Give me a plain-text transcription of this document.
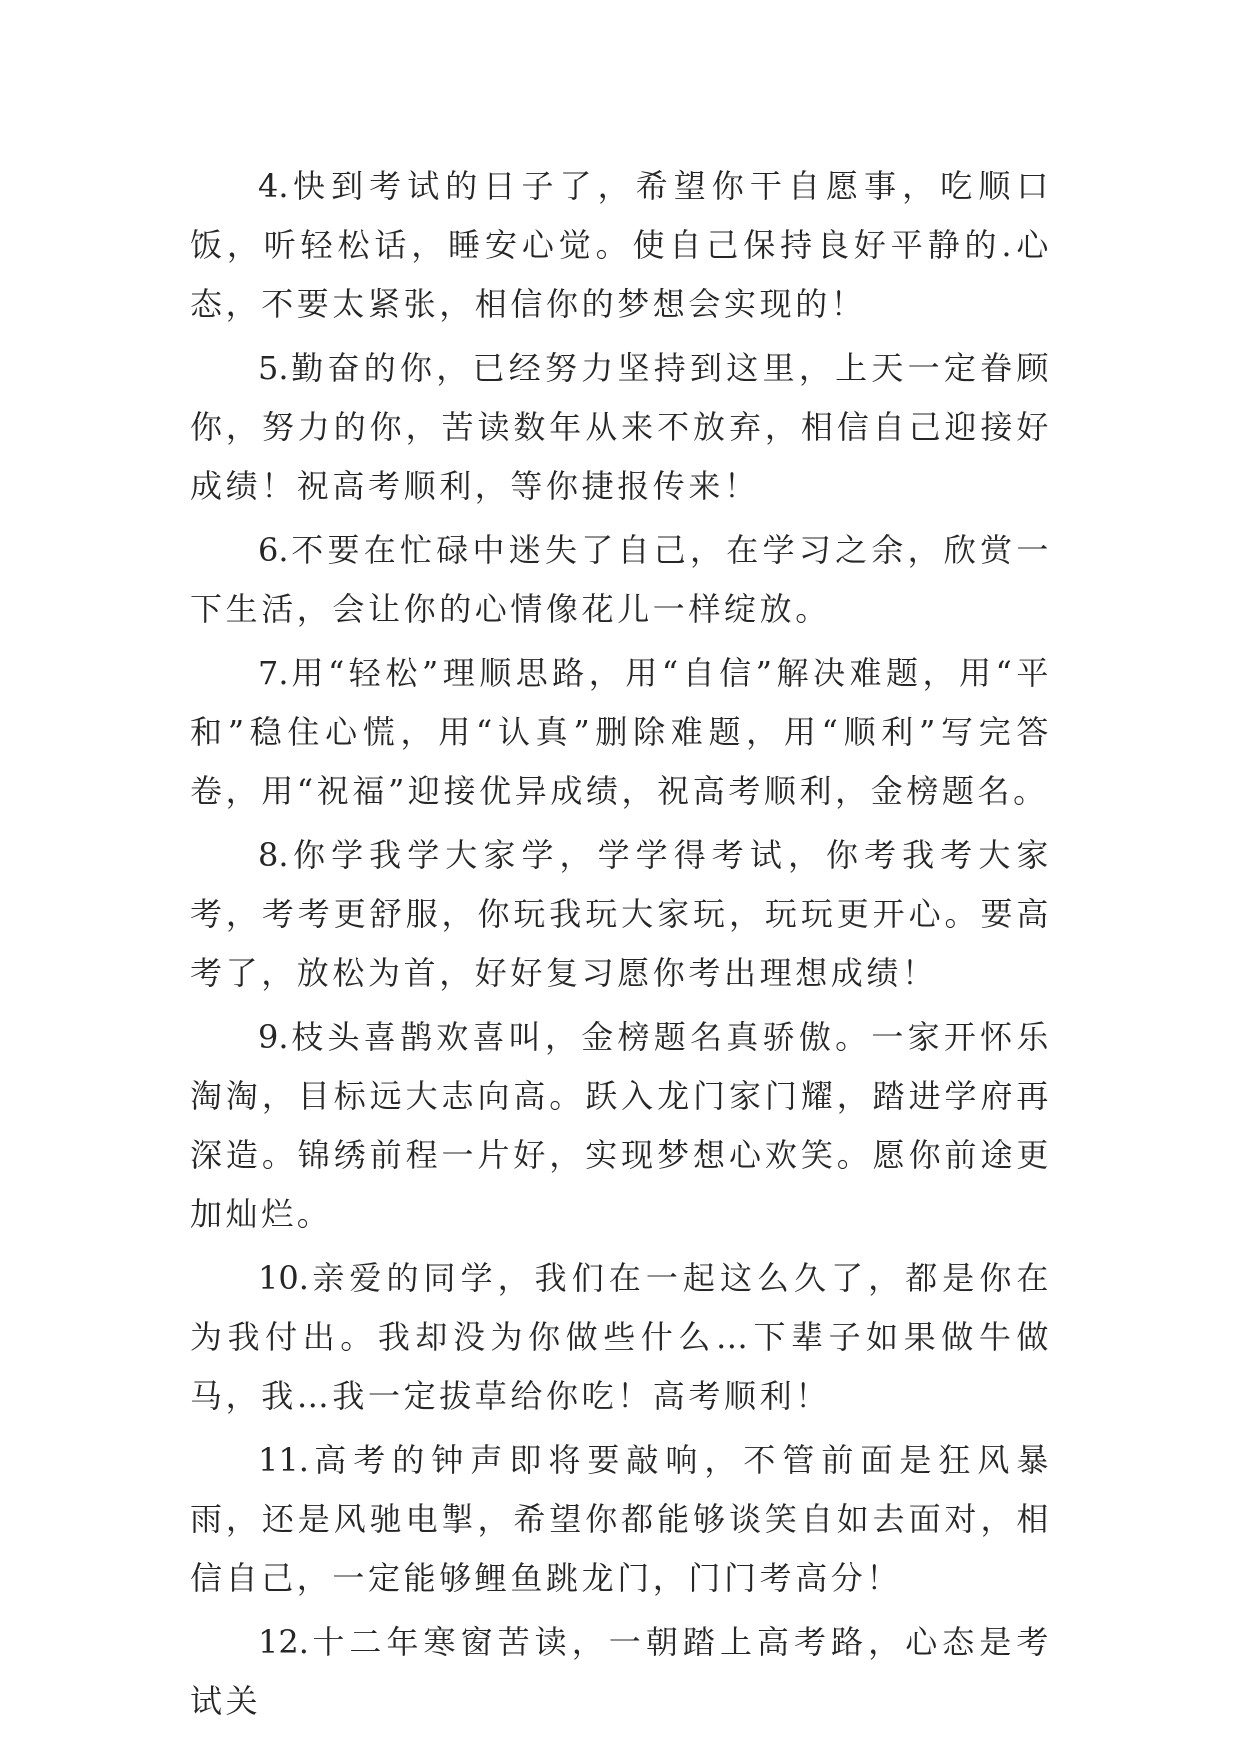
4.快到考试的日子了，希望你干自愿事，吃顺口饭，听轻松话，睡安心觉。使自己保持良好平静的.心态，不要太紧张，相信你的梦想会实现的！

5.勤奋的你，已经努力坚持到这里，上天一定眷顾你，努力的你，苦读数年从来不放弃，相信自己迎接好成绩！祝高考顺利，等你捷报传来！

6.不要在忙碌中迷失了自己，在学习之余，欣赏一下生活，会让你的心情像花儿一样绽放。

7.用“轻松”理顺思路，用“自信”解决难题，用“平和”稳住心慌，用“认真”删除难题，用“顺利”写完答卷，用“祝福”迎接优异成绩，祝高考顺利，金榜题名。

8.你学我学大家学，学学得考试，你考我考大家考，考考更舒服，你玩我玩大家玩，玩玩更开心。要高考了，放松为首，好好复习愿你考出理想成绩！

9.枝头喜鹊欢喜叫，金榜题名真骄傲。一家开怀乐淘淘，目标远大志向高。跃入龙门家门耀，踏进学府再深造。锦绣前程一片好，实现梦想心欢笑。愿你前途更加灿烂。

10.亲爱的同学，我们在一起这么久了，都是你在为我付出。我却没为你做些什么…下辈子如果做牛做马，我…我一定拔草给你吃！高考顺利！

11.高考的钟声即将要敲响，不管前面是狂风暴雨，还是风驰电掣，希望你都能够谈笑自如去面对，相信自己，一定能够鲤鱼跳龙门，门门考高分！

12.十二年寒窗苦读，一朝踏上高考路，心态是考试关
